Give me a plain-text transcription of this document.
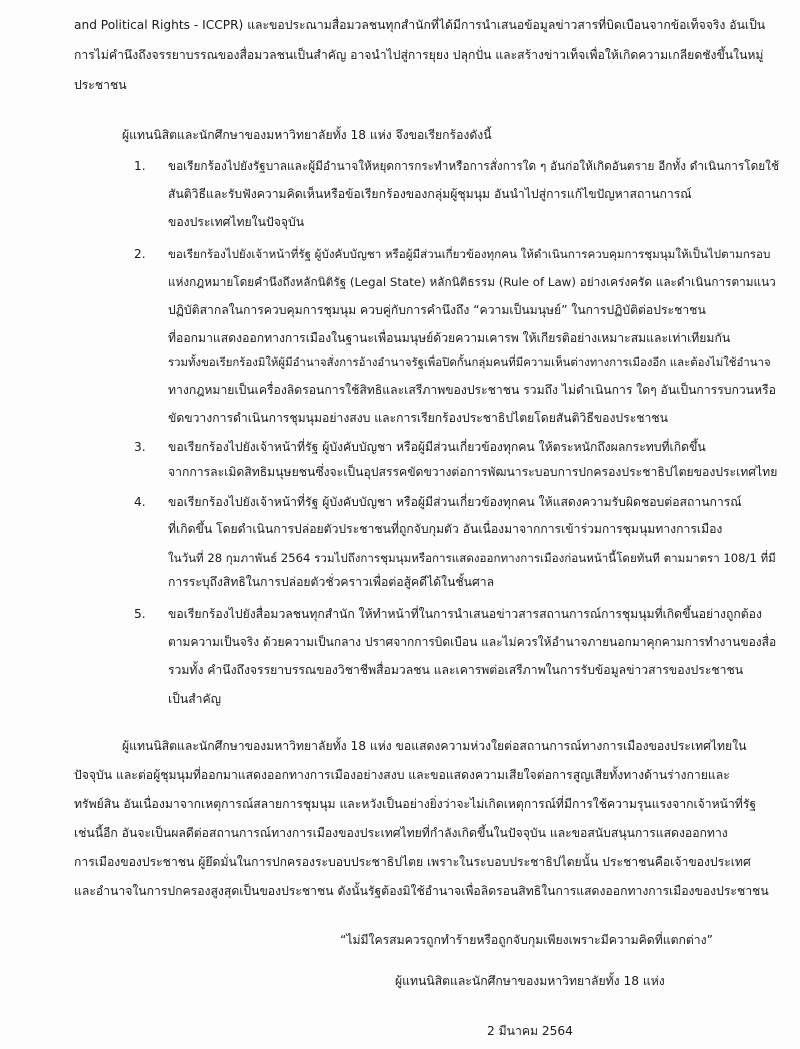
and Political Rights - ICCPR) และขอประณามสื่อมวลชนทุกสำนักที่ได้มีการนำเสนอข้อมูลข่าวสารที่บิดเบือนจากข้อเท็จจริง อันเป็น
การไม่คำนึงถึงจรรยาบรรณของสื่อมวลชนเป็นสำคัญ อาจนำไปสู่การยุยง ปลุกปั่น และสร้างข่าวเท็จเพื่อให้เกิดความเกลียดชังขึ้นในหมู่
ประชาชน
ผู้แทนนิสิตและนักศึกษาของมหาวิทยาลัยทั้ง 18 แห่ง จึงขอเรียกร้องดังนี้
1. ขอเรียกร้องไปยังรัฐบาลและผู้มีอำนาจให้หยุดการกระทำหรือการสั่งการใด ๆ อันก่อให้เกิดอันตราย อีกทั้ง ดำเนินการโดยใช้
สันติวิธีและรับฟังความคิดเห็นหรือข้อเรียกร้องของกลุ่มผู้ชุมนุม อันนำไปสู่การแก้ไขปัญหาสถานการณ์
ของประเทศไทยในปัจจุบัน
2. ขอเรียกร้องไปยังเจ้าหน้าที่รัฐ ผู้บังคับบัญชา หรือผู้มีส่วนเกี่ยวข้องทุกคน ให้ดำเนินการควบคุมการชุมนุมให้เป็นไปตามกรอบ
แห่งกฎหมายโดยคำนึงถึงหลักนิติรัฐ (Legal State) หลักนิติธรรม (Rule of Law) อย่างเคร่งครัด และดำเนินการตามแนว
ปฏิบัติสากลในการควบคุมการชุมนุม ควบคู่กับการคำนึงถึง “ความเป็นมนุษย์” ในการปฏิบัติต่อประชาชน
ที่ออกมาแสดงออกทางการเมืองในฐานะเพื่อนมนุษย์ด้วยความเคารพ ให้เกียรติอย่างเหมาะสมและเท่าเทียมกัน
รวมทั้งขอเรียกร้องมิให้ผู้มีอำนาจสั่งการอ้างอำนาจรัฐเพื่อปิดกั้นกลุ่มคนที่มีความเห็นต่างทางการเมืองอีก และต้องไม่ใช้อำนาจ
ทางกฎหมายเป็นเครื่องลิดรอนการใช้สิทธิและเสรีภาพของประชาชน รวมถึง ไม่ดำเนินการ ใดๆ อันเป็นการรบกวนหรือ
ขัดขวางการดำเนินการชุมนุมอย่างสงบ และการเรียกร้องประชาธิปไตยโดยสันติวิธีของประชาชน
3. ขอเรียกร้องไปยังเจ้าหน้าที่รัฐ ผู้บังคับบัญชา หรือผู้มีส่วนเกี่ยวข้องทุกคน ให้ตระหนักถึงผลกระทบที่เกิดขึ้น
จากการละเมิดสิทธิมนุษยชนซึ่งจะเป็นอุปสรรคขัดขวางต่อการพัฒนาระบอบการปกครองประชาธิปไตยของประเทศไทย
4. ขอเรียกร้องไปยังเจ้าหน้าที่รัฐ ผู้บังคับบัญชา หรือผู้มีส่วนเกี่ยวข้องทุกคน ให้แสดงความรับผิดชอบต่อสถานการณ์
ที่เกิดขึ้น โดยดำเนินการปล่อยตัวประชาชนที่ถูกจับกุมตัว อันเนื่องมาจากการเข้าร่วมการชุมนุมทางการเมือง
ในวันที่ 28 กุมภาพันธ์ 2564 รวมไปถึงการชุมนุมหรือการแสดงออกทางการเมืองก่อนหน้านี้โดยทันที ตามมาตรา 108/1 ที่มี
การระบุถึงสิทธิในการปล่อยตัวชั่วคราวเพื่อต่อสู้คดีได้ในชั้นศาล
5. ขอเรียกร้องไปยังสื่อมวลชนทุกสำนัก ให้ทำหน้าที่ในการนำเสนอข่าวสารสถานการณ์การชุมนุมที่เกิดขึ้นอย่างถูกต้อง
ตามความเป็นจริง ด้วยความเป็นกลาง ปราศจากการบิดเบือน และไม่ควรให้อำนาจภายนอกมาคุกคามการทำงานของสื่อ
รวมทั้ง คำนึงถึงจรรยาบรรณของวิชาชีพสื่อมวลชน และเคารพต่อเสรีภาพในการรับข้อมูลข่าวสารของประชาชน
เป็นสำคัญ
ผู้แทนนิสิตและนักศึกษาของมหาวิทยาลัยทั้ง 18 แห่ง ขอแสดงความห่วงใยต่อสถานการณ์ทางการเมืองของประเทศไทยใน
ปัจจุบัน และต่อผู้ชุมนุมที่ออกมาแสดงออกทางการเมืองอย่างสงบ และขอแสดงความเสียใจต่อการสูญเสียทั้งทางด้านร่างกายและ
ทรัพย์สิน อันเนื่องมาจากเหตุการณ์สลายการชุมนุม และหวังเป็นอย่างยิ่งว่าจะไม่เกิดเหตุการณ์ที่มีการใช้ความรุนแรงจากเจ้าหน้าที่รัฐ
เช่นนี้อีก อันจะเป็นผลดีต่อสถานการณ์ทางการเมืองของประเทศไทยที่กำลังเกิดขึ้นในปัจจุบัน และขอสนับสนุนการแสดงออกทาง
การเมืองของประชาชน ผู้ยึดมั่นในการปกครองระบอบประชาธิปไตย เพราะในระบอบประชาธิปไตยนั้น ประชาชนคือเจ้าของประเทศ
และอำนาจในการปกครองสูงสุดเป็นของประชาชน ดังนั้นรัฐต้องมิใช้อำนาจเพื่อลิดรอนสิทธิในการแสดงออกทางการเมืองของประชาชน
“ไม่มีใครสมควรถูกทำร้ายหรือถูกจับกุมเพียงเพราะมีความคิดที่แตกต่าง”
ผู้แทนนิสิตและนักศึกษาของมหาวิทยาลัยทั้ง 18 แห่ง
2 มีนาคม 2564
